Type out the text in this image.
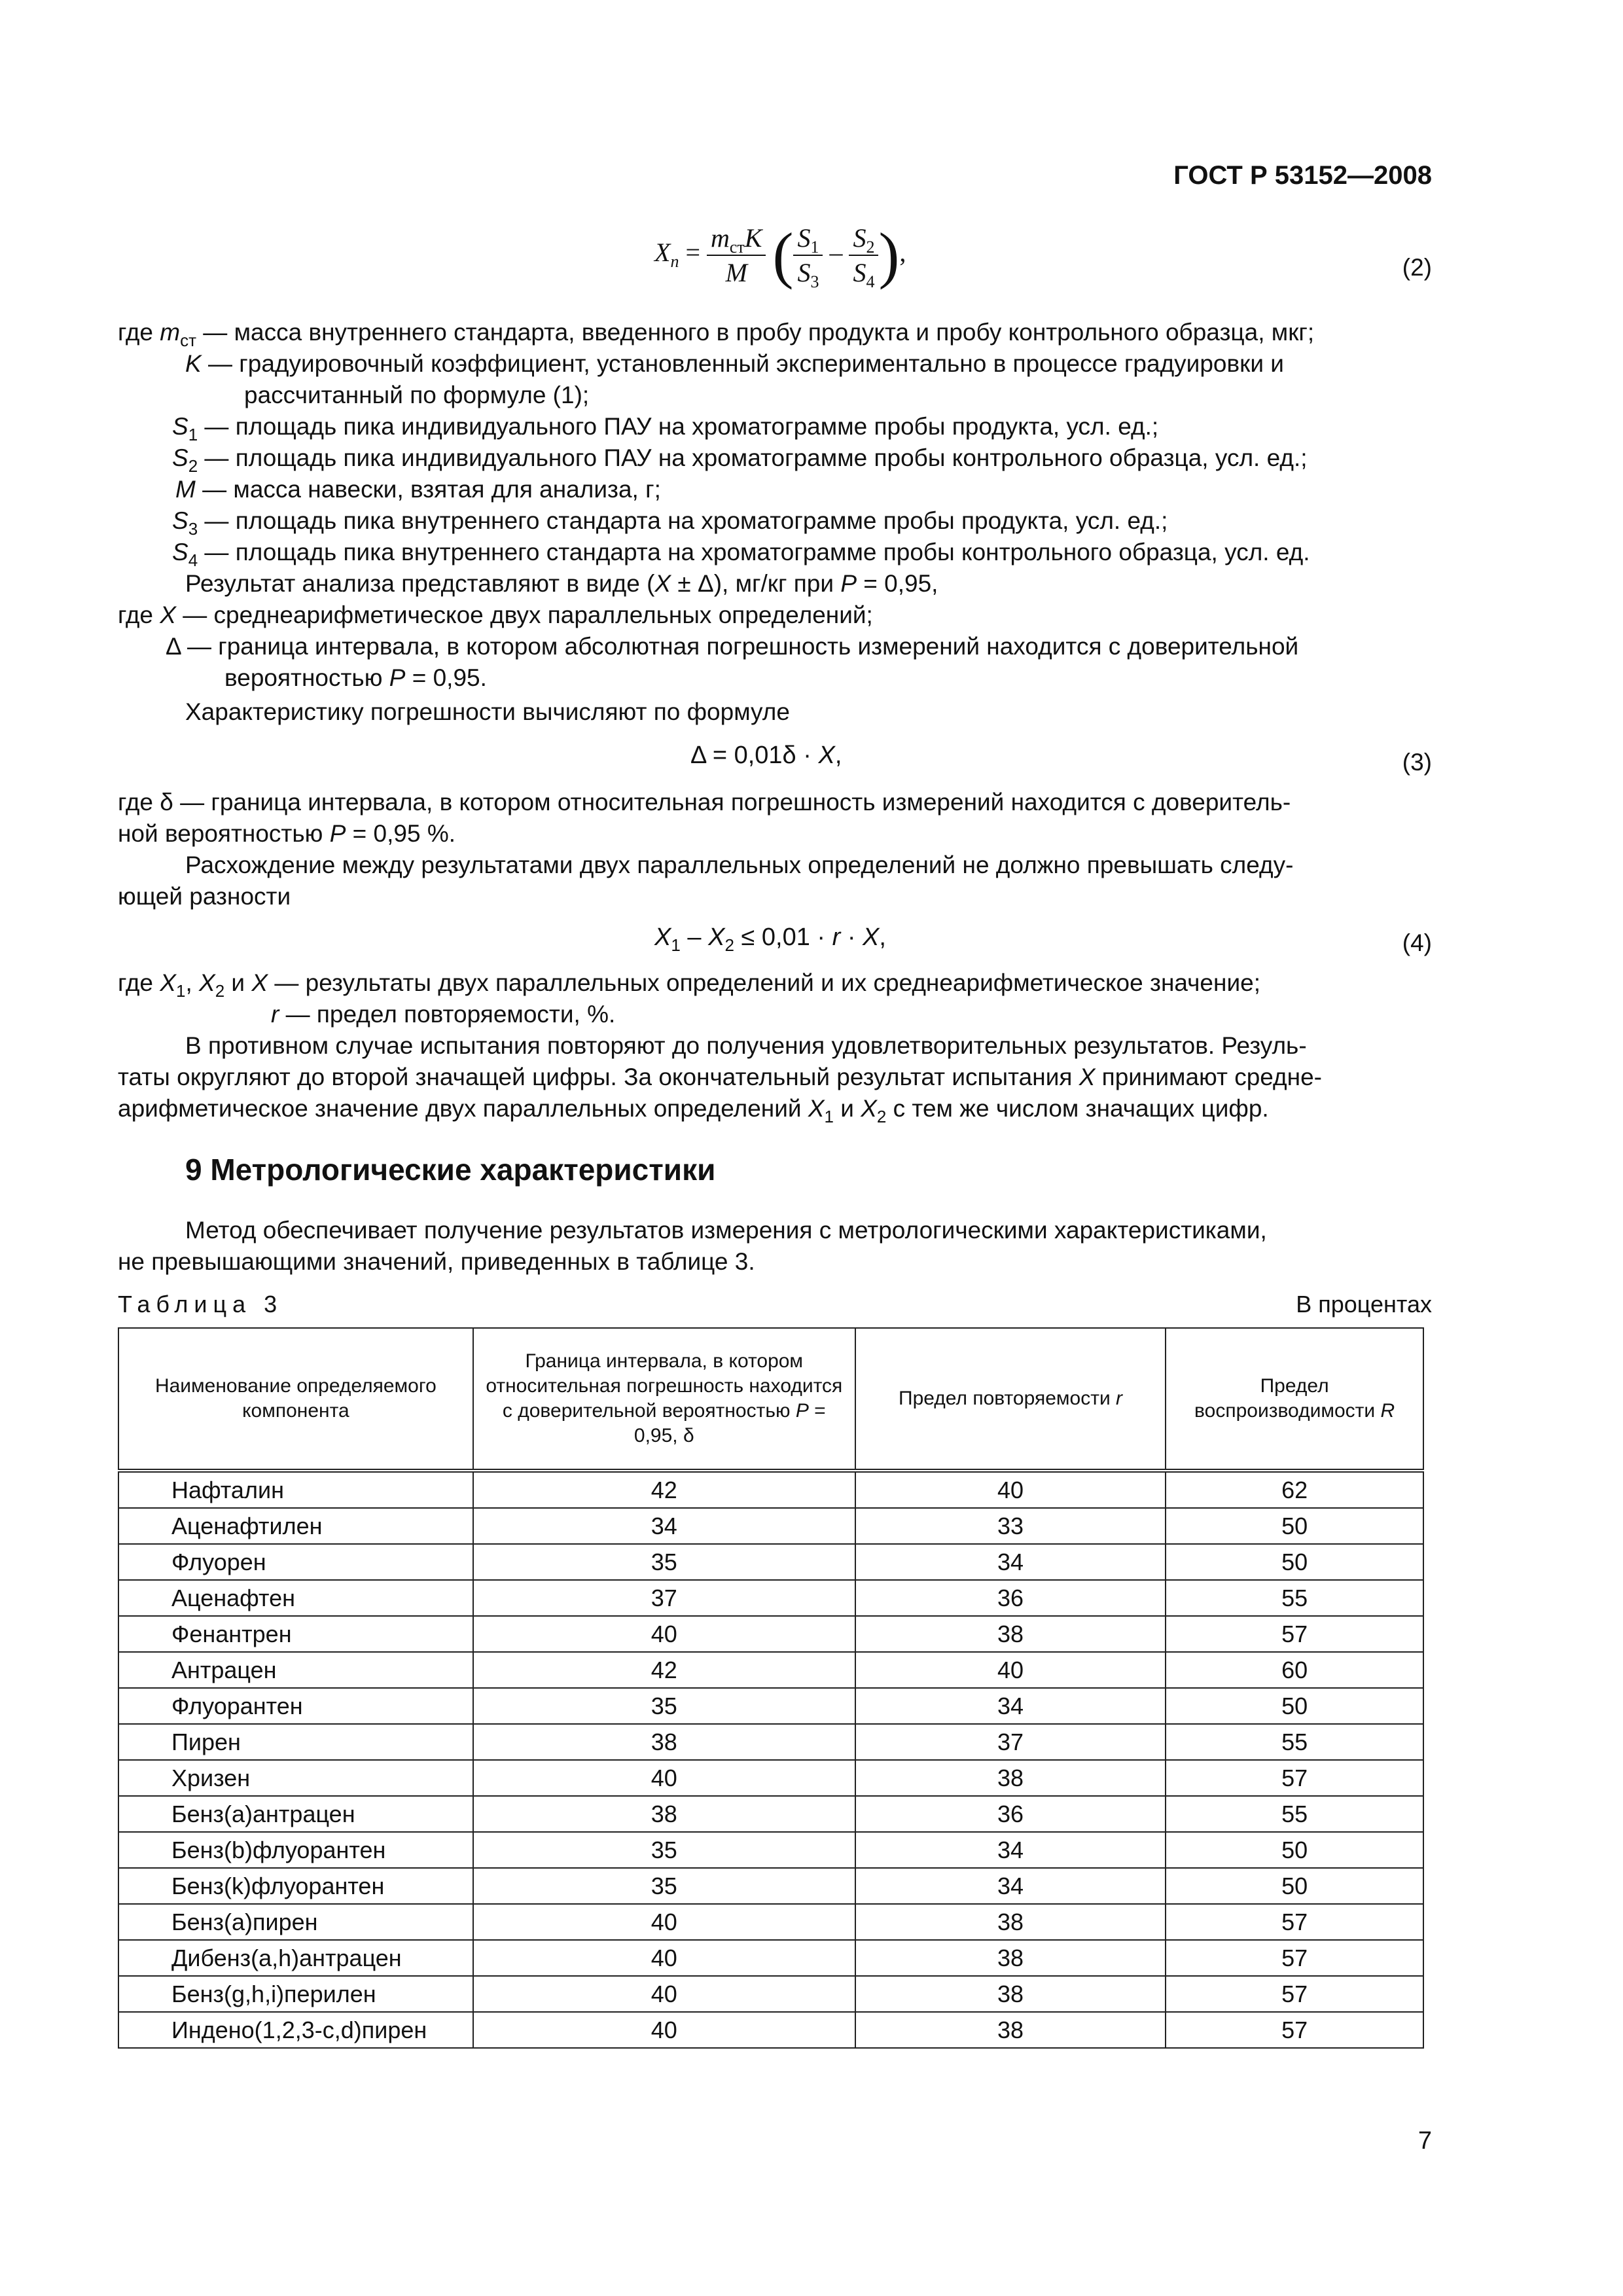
ГОСТ Р 53152—2008
$X_n = \frac{m_{ст}K}{M}$ ( $\frac{S_1}{S_3} - \frac{S_2}{S_4}$ ),
(2)
где $m_{ст}$ — масса внутреннего стандарта, введенного в пробу продукта и пробу контрольного образца, мкг;
K — градуировочный коэффициент, установленный экспериментально в процессе градуировки и
рассчитанный по формуле (1);
$S_1$ — площадь пика индивидуального ПАУ на хроматограмме пробы продукта, усл. ед.;
$S_2$ — площадь пика индивидуального ПАУ на хроматограмме пробы контрольного образца, усл. ед.;
M — масса навески, взятая для анализа, г;
$S_3$ — площадь пика внутреннего стандарта на хроматограмме пробы продукта, усл. ед.;
$S_4$ — площадь пика внутреннего стандарта на хроматограмме пробы контрольного образца, усл. ед.
Результат анализа представляют в виде (X ± Δ), мг/кг при P = 0,95,
где X — среднеарифметическое двух параллельных определений;
Δ — граница интервала, в котором абсолютная погрешность измерений находится с доверительной
вероятностью P = 0,95.
Характеристику погрешности вычисляют по формуле
Δ = 0,01δ · X,	(3)
где δ — граница интервала, в котором относительная погрешность измерений находится с доверитель-
ной вероятностью P = 0,95 %.
Расхождение между результатами двух параллельных определений не должно превышать следу-
ющей разности
$X_1 - X_2 \le 0,01 \cdot r \cdot X$,	(4)
где $X_1$, $X_2$ и X — результаты двух параллельных определений и их среднеарифметическое значение;
r — предел повторяемости, %.
В противном случае испытания повторяют до получения удовлетворительных результатов. Резуль-
таты округляют до второй значащей цифры. За окончательный результат испытания X принимают средне-
арифметическое значение двух параллельных определений $X_1$ и $X_2$ с тем же числом значащих цифр.
9 Метрологические характеристики
Метод обеспечивает получение результатов измерения с метрологическими характеристиками,
не превышающими значений, приведенных в таблице 3.
Таблица 3	В процентах
Наименование определяемого компонента	Граница интервала, в котором относительная погрешность находится с доверительной вероятностью P = 0,95, δ	Предел повторяемости r	Предел воспроизводимости R
Нафталин	42	40	62
Аценафтилен	34	33	50
Флуорен	35	34	50
Аценафтен	37	36	55
Фенантрен	40	38	57
Антрацен	42	40	60
Флуорантен	35	34	50
Пирен	38	37	55
Хризен	40	38	57
Бенз(a)антрацен	38	36	55
Бенз(b)флуорантен	35	34	50
Бенз(k)флуорантен	35	34	50
Бенз(a)пирен	40	38	57
Дибенз(a,h)антрацен	40	38	57
Бенз(g,h,i)перилен	40	38	57
Индено(1,2,3-c,d)пирен	40	38	57
7
